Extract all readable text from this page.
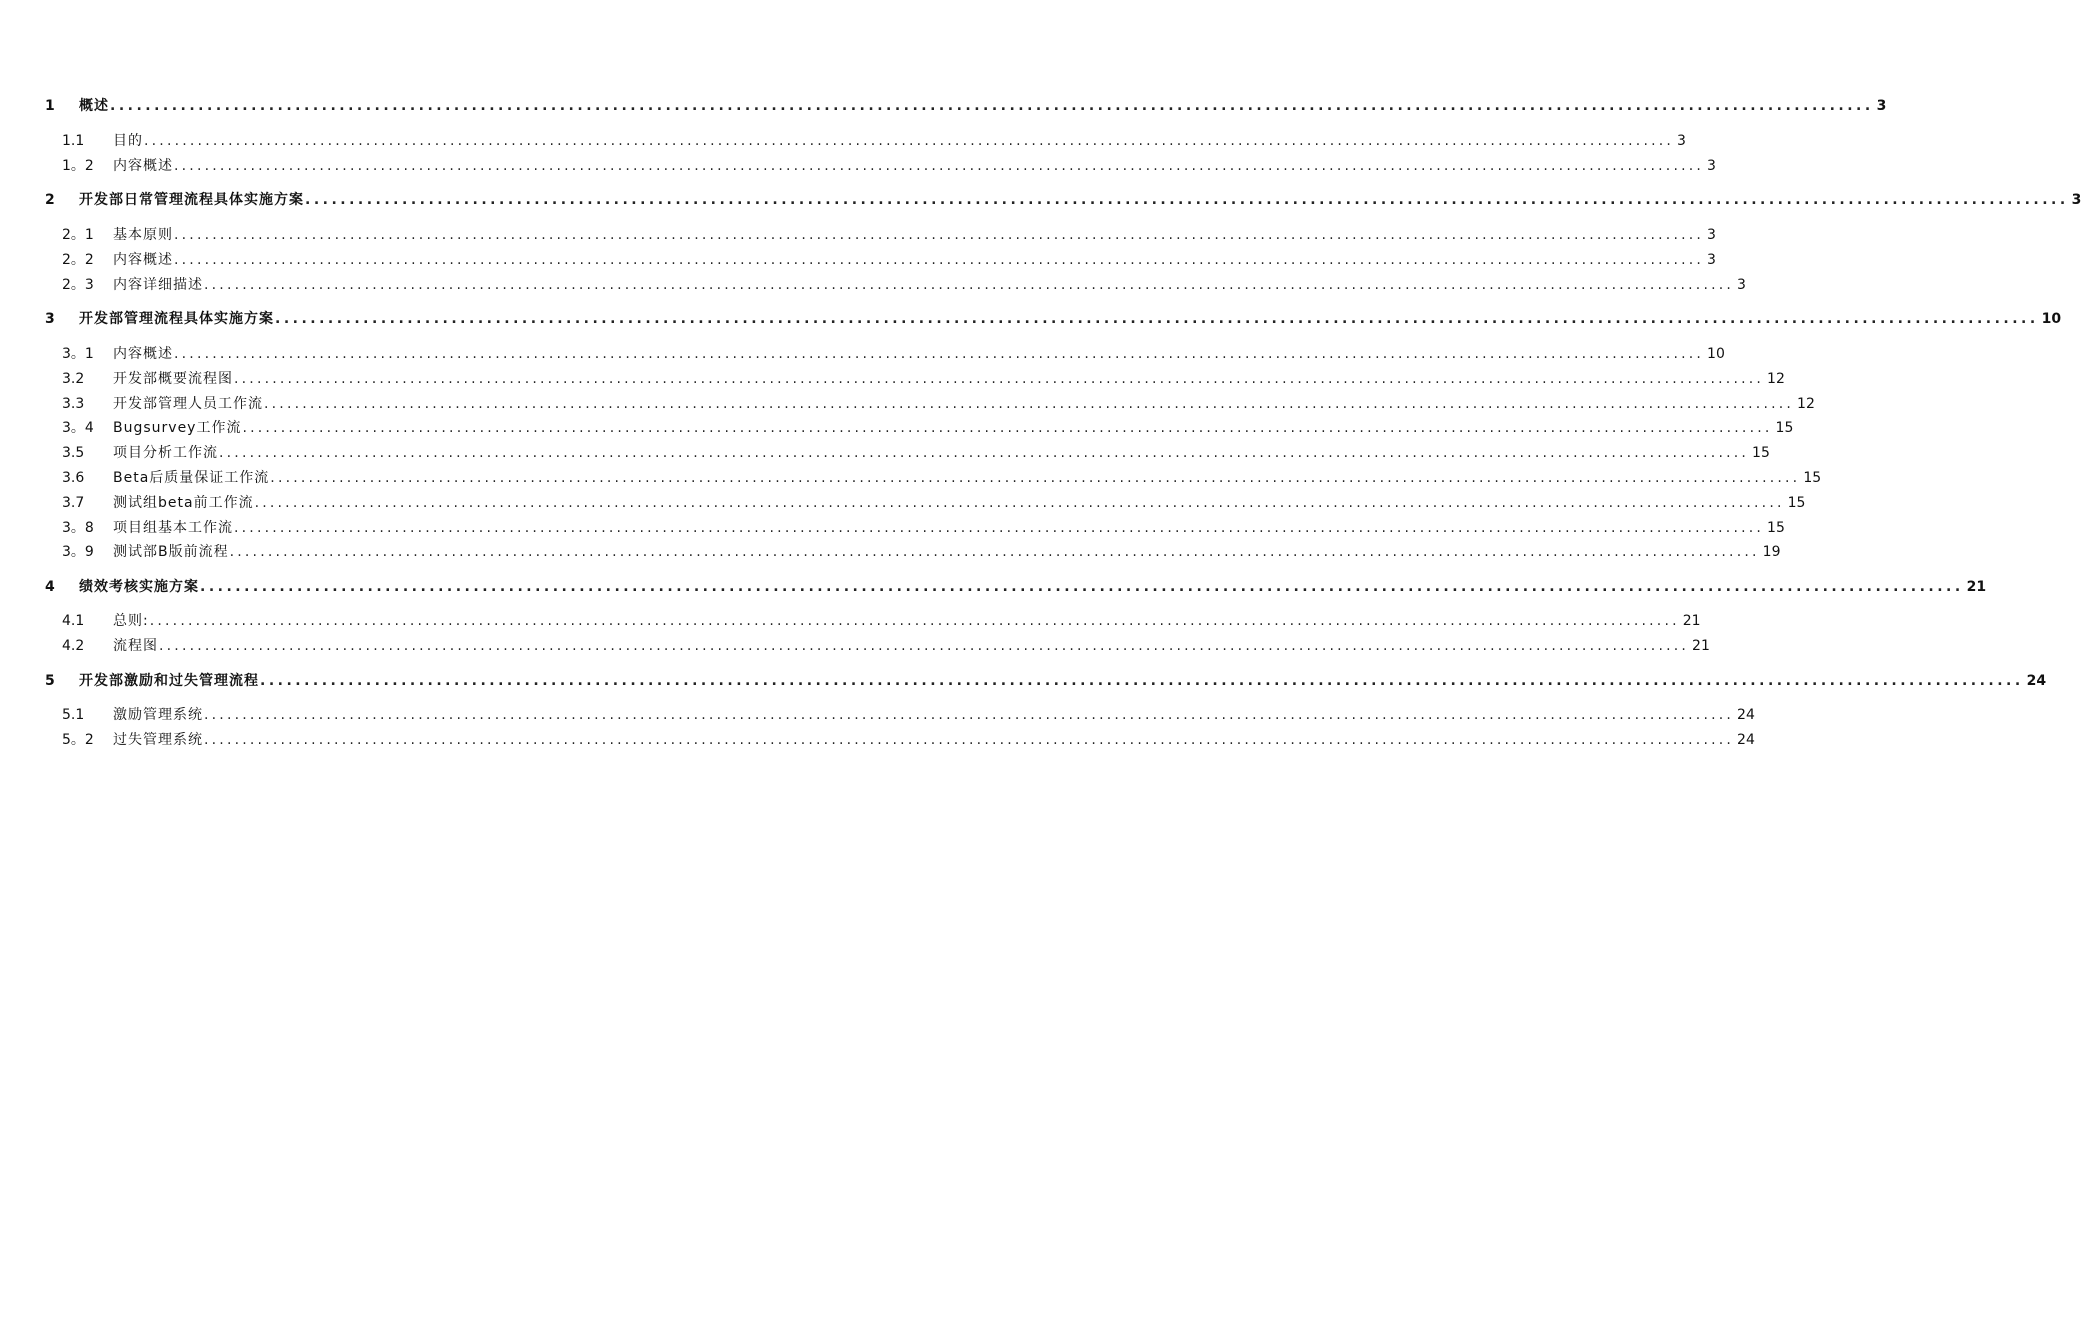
1	概述 ........................................................................................................................................................................................................ 3
1.1	目的 ........................................................................................................................................................................................................ 3
1。2	内容概述 ........................................................................................................................................................................................................ 3
2	开发部日常管理流程具体实施方案 ........................................................................................................................................................................................................ 3
2。1	基本原则 ........................................................................................................................................................................................................ 3
2。2	内容概述 ........................................................................................................................................................................................................ 3
2。3	内容详细描述 ........................................................................................................................................................................................................ 3
3	开发部管理流程具体实施方案 ........................................................................................................................................................................................................ 10
3。1	内容概述 ........................................................................................................................................................................................................ 10
3.2	开发部概要流程图 ........................................................................................................................................................................................................ 12
3.3	开发部管理人员工作流 ........................................................................................................................................................................................................ 12
3。4	Bugsurvey工作流 ........................................................................................................................................................................................................ 15
3.5	项目分析工作流 ........................................................................................................................................................................................................ 15
3.6	Beta后质量保证工作流 ........................................................................................................................................................................................................ 15
3.7	测试组beta前工作流 ........................................................................................................................................................................................................ 15
3。8	项目组基本工作流 ........................................................................................................................................................................................................ 15
3。9	测试部B版前流程 ........................................................................................................................................................................................................ 19
4	绩效考核实施方案 ........................................................................................................................................................................................................ 21
4.1	总则: ........................................................................................................................................................................................................ 21
4.2	流程图 ........................................................................................................................................................................................................ 21
5	开发部激励和过失管理流程 ........................................................................................................................................................................................................ 24
5.1	激励管理系统 ........................................................................................................................................................................................................ 24
5。2	过失管理系统 ........................................................................................................................................................................................................ 24
